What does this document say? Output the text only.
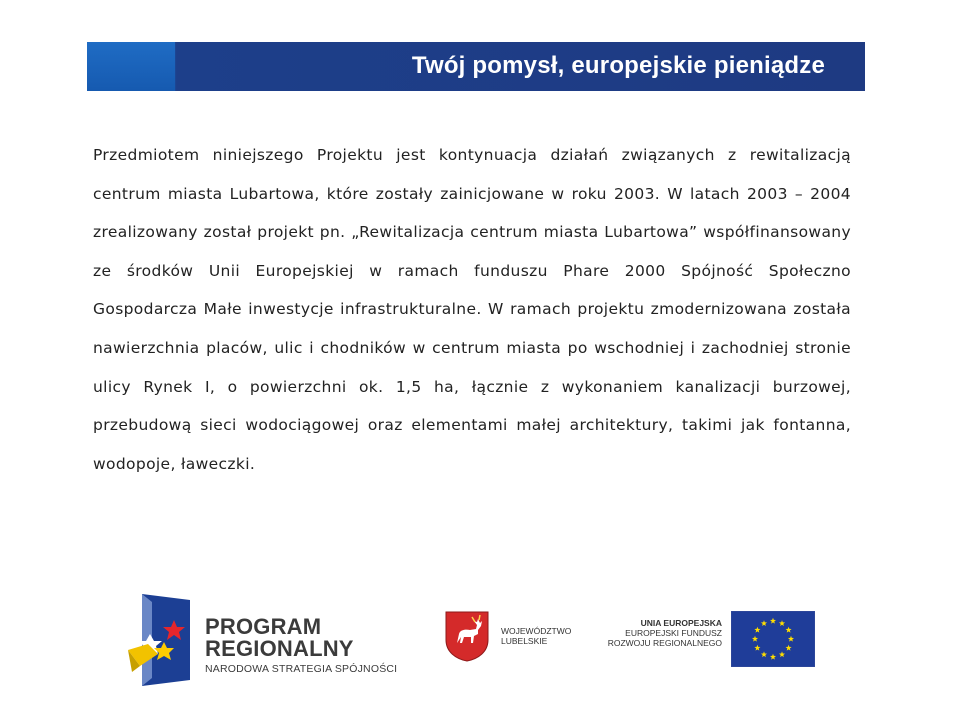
Twój pomysł, europejskie pieniądze
Przedmiotem niniejszego Projektu jest kontynuacja działań związanych z rewitalizacją centrum miasta Lubartowa, które zostały zainicjowane w roku 2003. W latach 2003 – 2004 zrealizowany został projekt pn. „Rewitalizacja centrum miasta Lubartowa” współfinansowany ze środków Unii Europejskiej w ramach funduszu Phare 2000 Spójność Społeczno Gospodarcza Małe inwestycje infrastrukturalne. W ramach projektu zmodernizowana została nawierzchnia placów, ulic i chodników w centrum miasta po wschodniej i zachodniej stronie ulicy Rynek I, o powierzchni ok. 1,5 ha, łącznie z wykonaniem kanalizacji burzowej, przebudową sieci wodociągowej oraz elementami małej architektury, takimi jak fontanna, wodopoje, ławeczki.
PROGRAM
REGIONALNY
NARODOWA STRATEGIA SPÓJNOŚCI
WOJEWÓDZTWO
LUBELSKIE
UNIA EUROPEJSKA
EUROPEJSKI FUNDUSZ
ROZWOJU REGIONALNEGO
